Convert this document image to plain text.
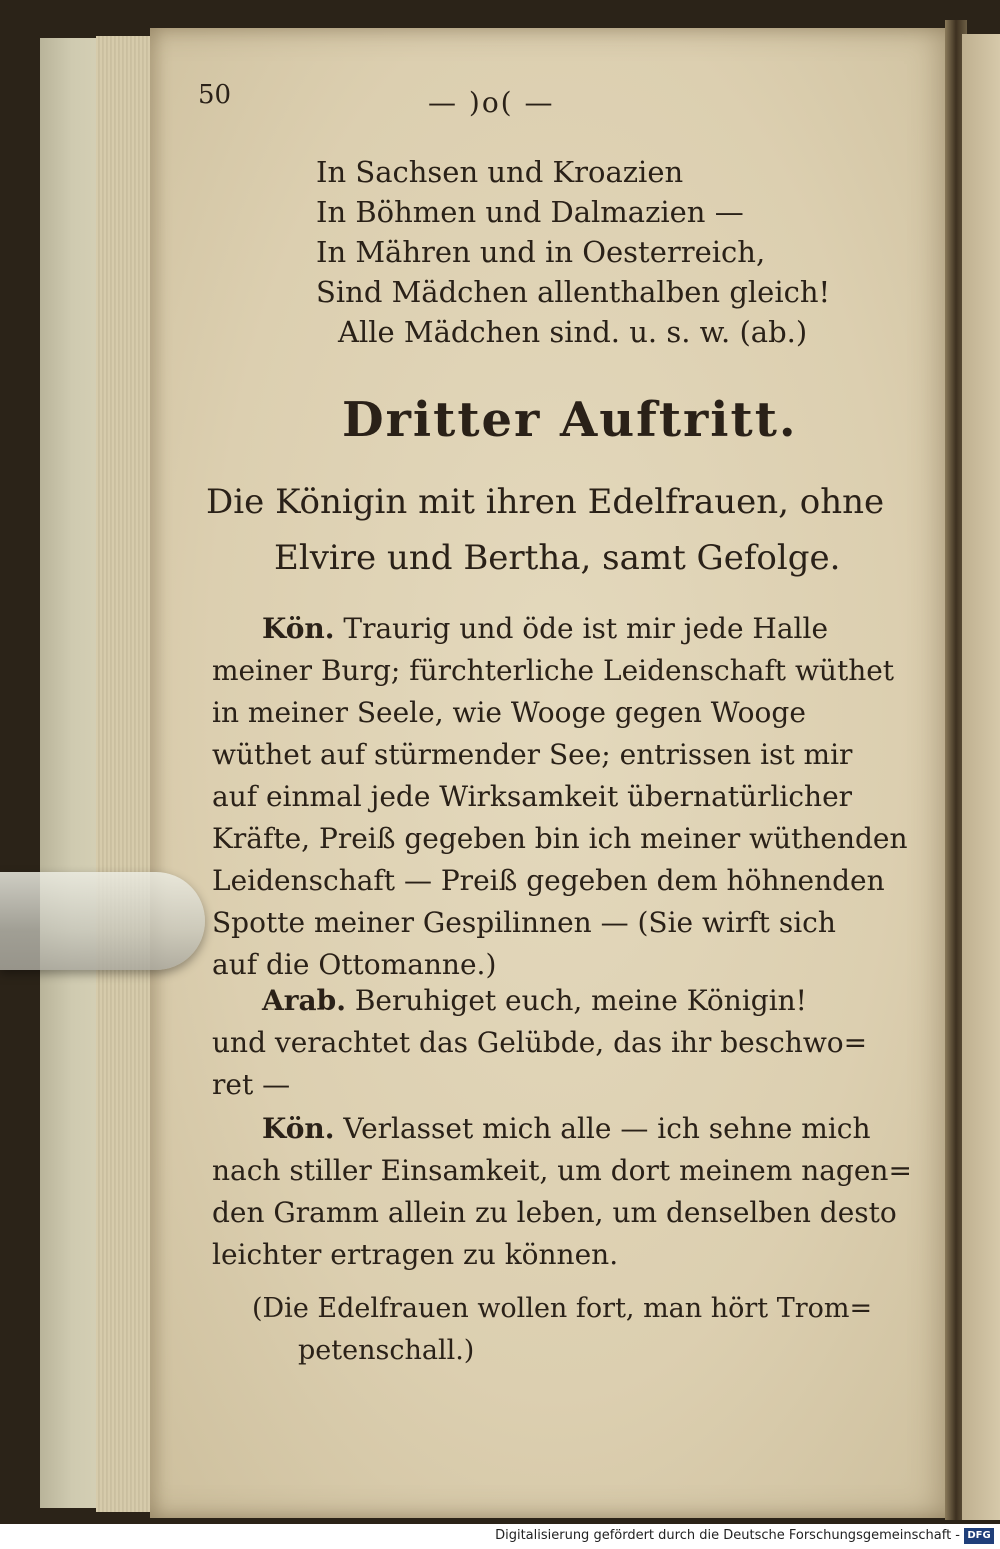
50	— )o( —
In Sachsen und Kroazien
In Böhmen und Dalmazien —
In Mähren und in Oesterreich,
Sind Mädchen allenthalben gleich!
Alle Mädchen sind. u. s. w. (ab.)
Dritter Auftritt.
Die Königin mit ihren Edelfrauen, ohne
Elvire und Bertha, samt Gefolge.
Kön. Traurig und öde ist mir jede Halle
meiner Burg; fürchterliche Leidenschaft wüthet
in meiner Seele, wie Wooge gegen Wooge
wüthet auf stürmender See; entrissen ist mir
auf einmal jede Wirksamkeit übernatürlicher
Kräfte, Preiß gegeben bin ich meiner wüthenden
Leidenschaft — Preiß gegeben dem höhnenden
Spotte meiner Gespilinnen — (Sie wirft sich
auf die Ottomanne.)
Arab. Beruhiget euch, meine Königin!
und verachtet das Gelübde, das ihr beschwo=
ret —
Kön. Verlasset mich alle — ich sehne mich
nach stiller Einsamkeit, um dort meinem nagen=
den Gramm allein zu leben, um denselben desto
leichter ertragen zu können.
(Die Edelfrauen wollen fort, man hört Trom=
petenschall.)
Digitalisierung gefördert durch die Deutsche Forschungsgemeinschaft - DFG
